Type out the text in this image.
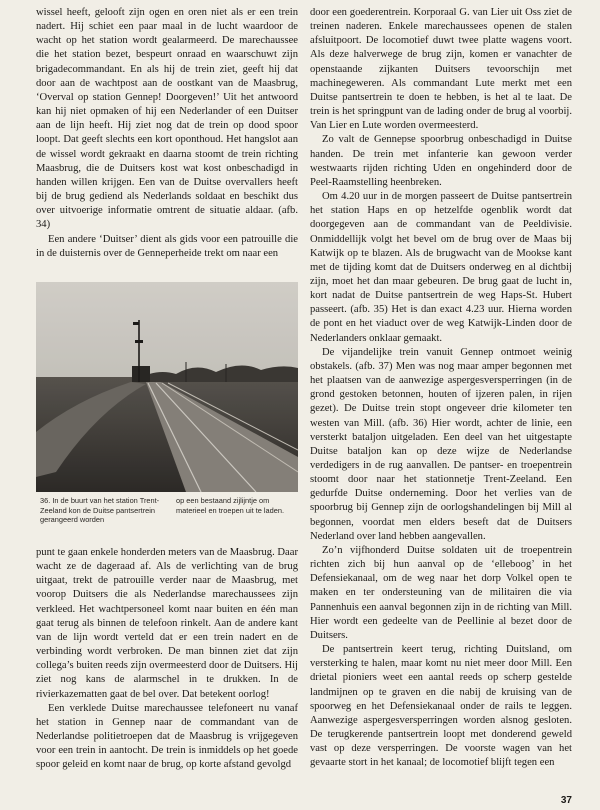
wissel heeft, gelooft zijn ogen en oren niet als er een trein nadert. Hij schiet een paar maal in de lucht waardoor de wacht op het station wordt gealarmeerd. De marechaussee die het station bezet, bespeurt onraad en waarschuwt zijn brigadecommandant. En als hij de trein ziet, geeft hij dat door aan de wachtpost aan de oostkant van de Maasbrug, ‘Overval op station Gennep! Doorgeven!’ Uit het antwoord kan hij niet opmaken of hij een Nederlander of een Duitser aan de lijn heeft. Hij ziet nog dat de trein op dood spoor loopt. Dat geeft slechts een kort oponthoud. Het hangslot aan de wissel wordt gekraakt en daarna stoomt de trein richting Maasbrug, die de Duitsers kost wat kost onbeschadigd in handen willen krijgen. Een van de Duitse overvallers heeft bij de brug gediend als Nederlands soldaat en beschikt dus over uitvoerige informatie omtrent de situatie aldaar. (afb. 34)

Een andere ‘Duitser’ dient als gids voor een patrouille die in de duisternis over de Genneperheide trekt om naar een

36. In de buurt van het station Trent-Zeeland kon de Duitse pantsertrein gerangeerd worden
op een bestaand zijlijntje om materieel en troepen uit te laden.

punt te gaan enkele honderden meters van de Maasbrug. Daar wacht ze de dageraad af. Als de verlichting van de brug uitgaat, trekt de patrouille verder naar de Maasbrug, met voorop Duitsers die als Nederlandse marechaussees zijn verkleed. Het wachtpersoneel komt naar buiten en één man gaat terug als binnen de telefoon rinkelt. Aan de andere kant van de lijn wordt verteld dat er een trein nadert en de verbinding wordt verbroken. De man binnen ziet dat zijn collega’s buiten reeds zijn overmeesterd door de Duitsers. Hij ziet nog kans de alarmschel in te drukken. In de rivierkazematten gaat de bel over. Dat betekent oorlog!

Een verklede Duitse marechaussee telefoneert nu vanaf het station in Gennep naar de commandant van de Nederlandse politietroepen dat de Maasbrug is vrijgegeven voor een trein in aantocht. De trein is inmiddels op het goede spoor geleid en komt naar de brug, op korte afstand gevolgd

door een goederentrein. Korporaal G. van Lier uit Oss ziet de treinen naderen. Enkele marechaussees openen de stalen afsluitpoort. De locomotief duwt twee platte wagens voort. Als deze halverwege de brug zijn, komen er vanachter de openstaande zijkanten Duitsers tevoorschijn met machinegeweren. Als commandant Lute merkt met een Duitse pantsertrein te doen te hebben, is het al te laat. De trein is het springpunt van de lading onder de brug al voorbij. Van Lier en Lute worden overmeesterd.

Zo valt de Gennepse spoorbrug onbeschadigd in Duitse handen. De trein met infanterie kan gewoon verder westwaarts rijden richting Uden en ongehinderd door de Peel-Raamstelling heenbreken.

Om 4.20 uur in de morgen passeert de Duitse pantsertrein het station Haps en op hetzelfde ogenblik wordt dat doorgegeven aan de commandant van de Peeldivisie. Onmiddellijk volgt het bevel om de brug over de Maas bij Katwijk op te blazen. Als de brugwacht van de Mookse kant met de tijding komt dat de Duitsers onderweg en al dichtbij zijn, moet het dan maar gebeuren. De brug gaat de lucht in, kort nadat de Duitse pantsertrein de weg Haps-St. Hubert passeert. (afb. 35) Het is dan exact 4.23 uur. Hierna worden de pont en het viaduct over de weg Katwijk-Linden door de Nederlanders onklaar gemaakt.

De vijandelijke trein vanuit Gennep ontmoet weinig obstakels. (afb. 37) Men was nog maar amper begonnen met het plaatsen van de aanwezige aspergesversperringen (in de grond gestoken betonnen, houten of ijzeren palen, in rijen gezet). De Duitse trein stopt ongeveer drie kilometer ten westen van Mill. (afb. 36) Hier wordt, achter de linie, een versterkt bataljon uitgeladen. Een deel van het uitgestapte Duitse bataljon kan op deze wijze de Nederlandse verdedigers in de rug aanvallen. De pantser- en troepentrein stoomt door naar het stationnetje Trent-Zeeland. Een gedurfde Duitse onderneming. Door het verlies van de spoorbrug bij Gennep zijn de oorlogshandelingen bij Mill al begonnen, voordat men elders beseft dat de Duitsers Nederland over land hebben aangevallen.

Zo’n vijfhonderd Duitse soldaten uit de troepentrein richten zich bij hun aanval op de ‘elleboog’ in het Defensiekanaal, om de weg naar het dorp Volkel open te maken en ter ondersteuning van de militairen die via Pannenhuis een aanval begonnen zijn in de richting van Mill. Hier wordt een gedeelte van de Peellinie al bezet door de Duitsers.

De pantsertrein keert terug, richting Duitsland, om versterking te halen, maar komt nu niet meer door Mill. Een drietal pioniers weet een aantal reeds op scherp gestelde landmijnen op te graven en die nabij de kruising van de spoorweg en het Defensiekanaal onder de rails te leggen. Aanwezige aspergesversperringen worden alsnog gesloten. De terugkerende pantsertrein loopt met donderend geweld vast op deze versperringen. De voorste wagen van het gevaarte stort in het kanaal; de locomotief blijft tegen een

37
